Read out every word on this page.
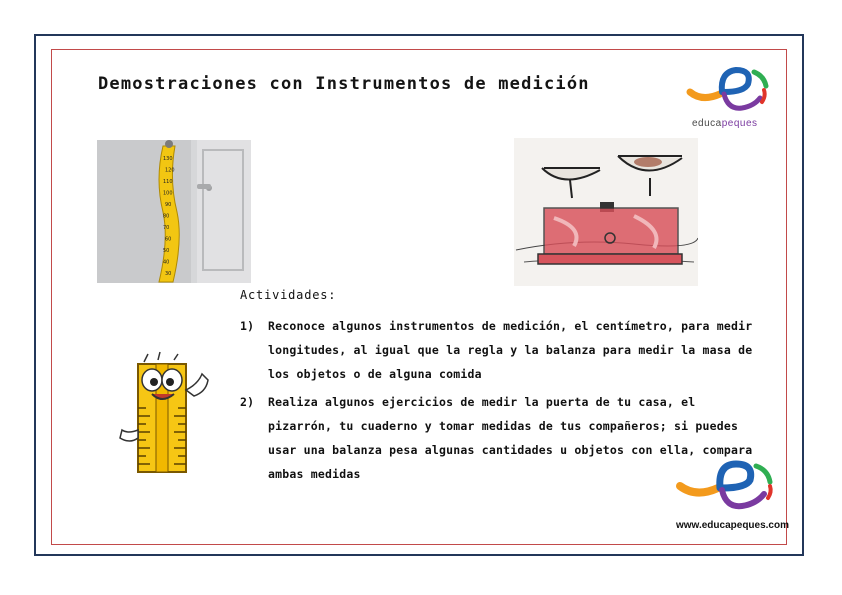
Demostraciones con Instrumentos de medición
educapeques
130
120
110
100
90
80
70
60
50
40
30
Actividades:
1) Reconoce algunos instrumentos de medición, el centímetro, para medir longitudes, al igual que la regla y la balanza para medir la masa de los objetos o de alguna comida
2) Realiza algunos ejercicios de medir la puerta de tu casa, el pizarrón, tu cuaderno y tomar medidas de tus compañeros; si puedes usar una balanza pesa algunas cantidades u objetos con ella, compara ambas medidas
www.educapeques.com
